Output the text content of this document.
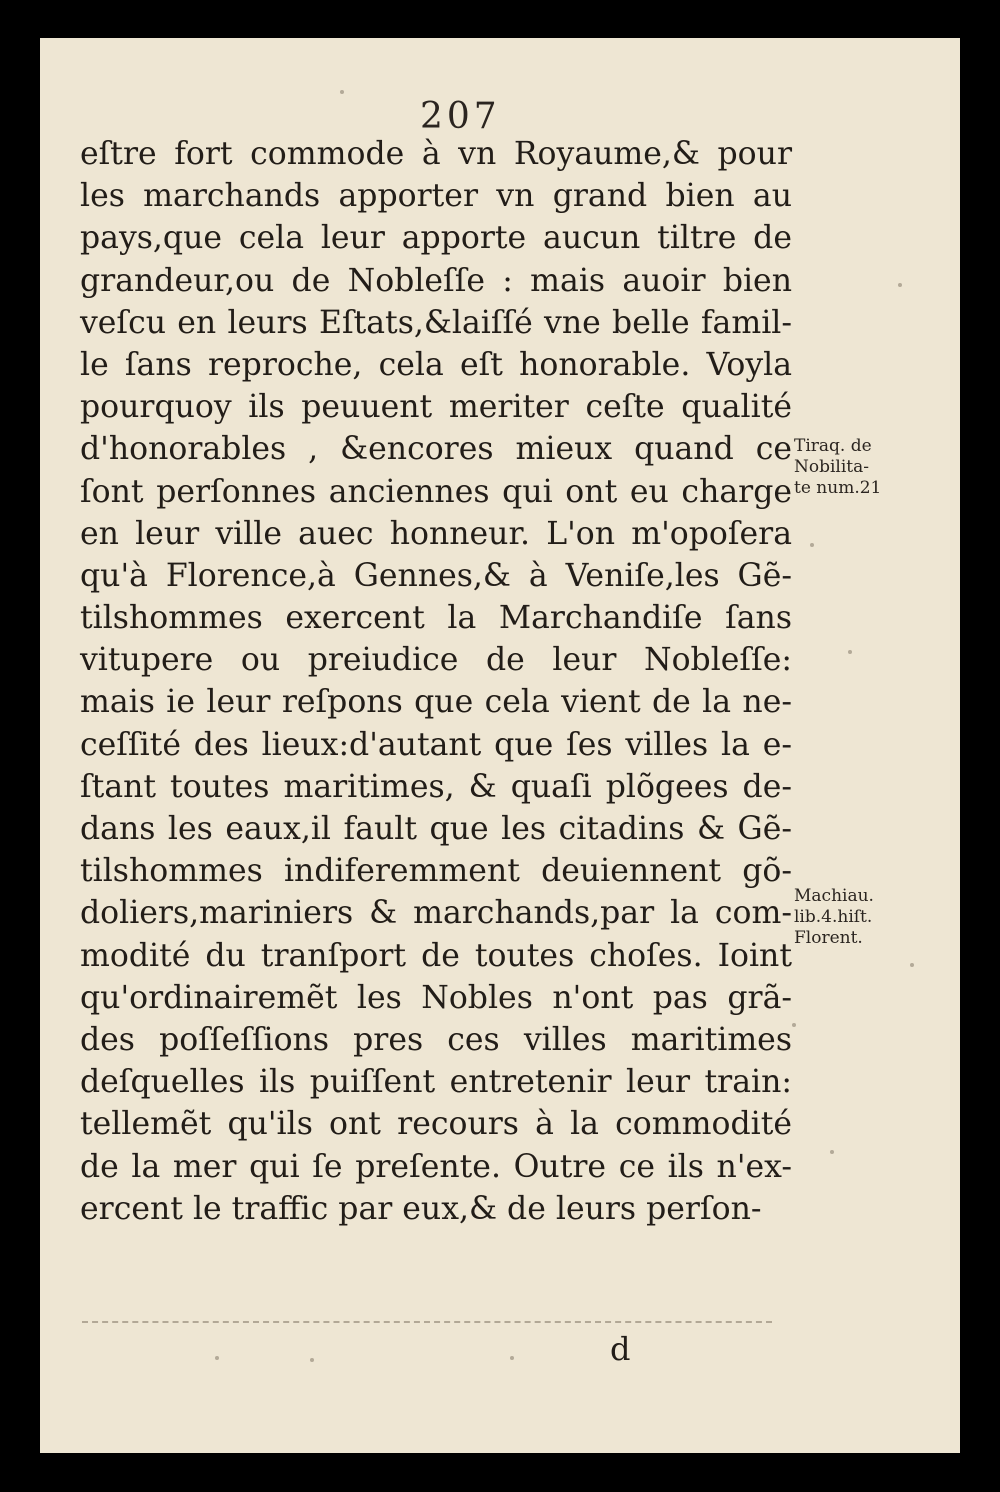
207
eſtre fort commode à vn Royaume,& pour
les marchands apporter vn grand bien au
pays,que cela leur apporte aucun tiltre de
grandeur,ou de Nobleſſe : mais auoir bien
veſcu en leurs Eſtats,&laiſſé vne belle famil-
le ſans reproche, cela eſt honorable. Voyla
pourquoy ils peuuent meriter ceſte qualité
d'honorables , &encores mieux quand ce
ſont perſonnes anciennes qui ont eu charge
en leur ville auec honneur. L'on m'opoſera
qu'à Florence,à Gennes,& à Veniſe,les Gẽ-
tilshommes exercent la Marchandiſe ſans
vitupere ou preiudice de leur Nobleſſe:
mais ie leur reſpons que cela vient de la ne-
ceſſité des lieux:d'autant que ſes villes la e-
ſtant toutes maritimes, & quaſi plõgees de-
dans les eaux,il fault que les citadins & Gẽ-
tilshommes indiferemment deuiennent gõ-
doliers,mariniers & marchands,par la com-
modité du tranſport de toutes choſes. Ioint
qu'ordinairemẽt les Nobles n'ont pas grã-
des poſſeſſions pres ces villes maritimes
deſquelles ils puiſſent entretenir leur train:
tellemẽt qu'ils ont recours à la commodité
de la mer qui ſe preſente. Outre ce ils n'ex-
ercent le traffic par eux,& de leurs perſon-
Tiraq. de
Nobilita-
te num.21
Machiau.
lib.4.hiſt.
Florent.
d
